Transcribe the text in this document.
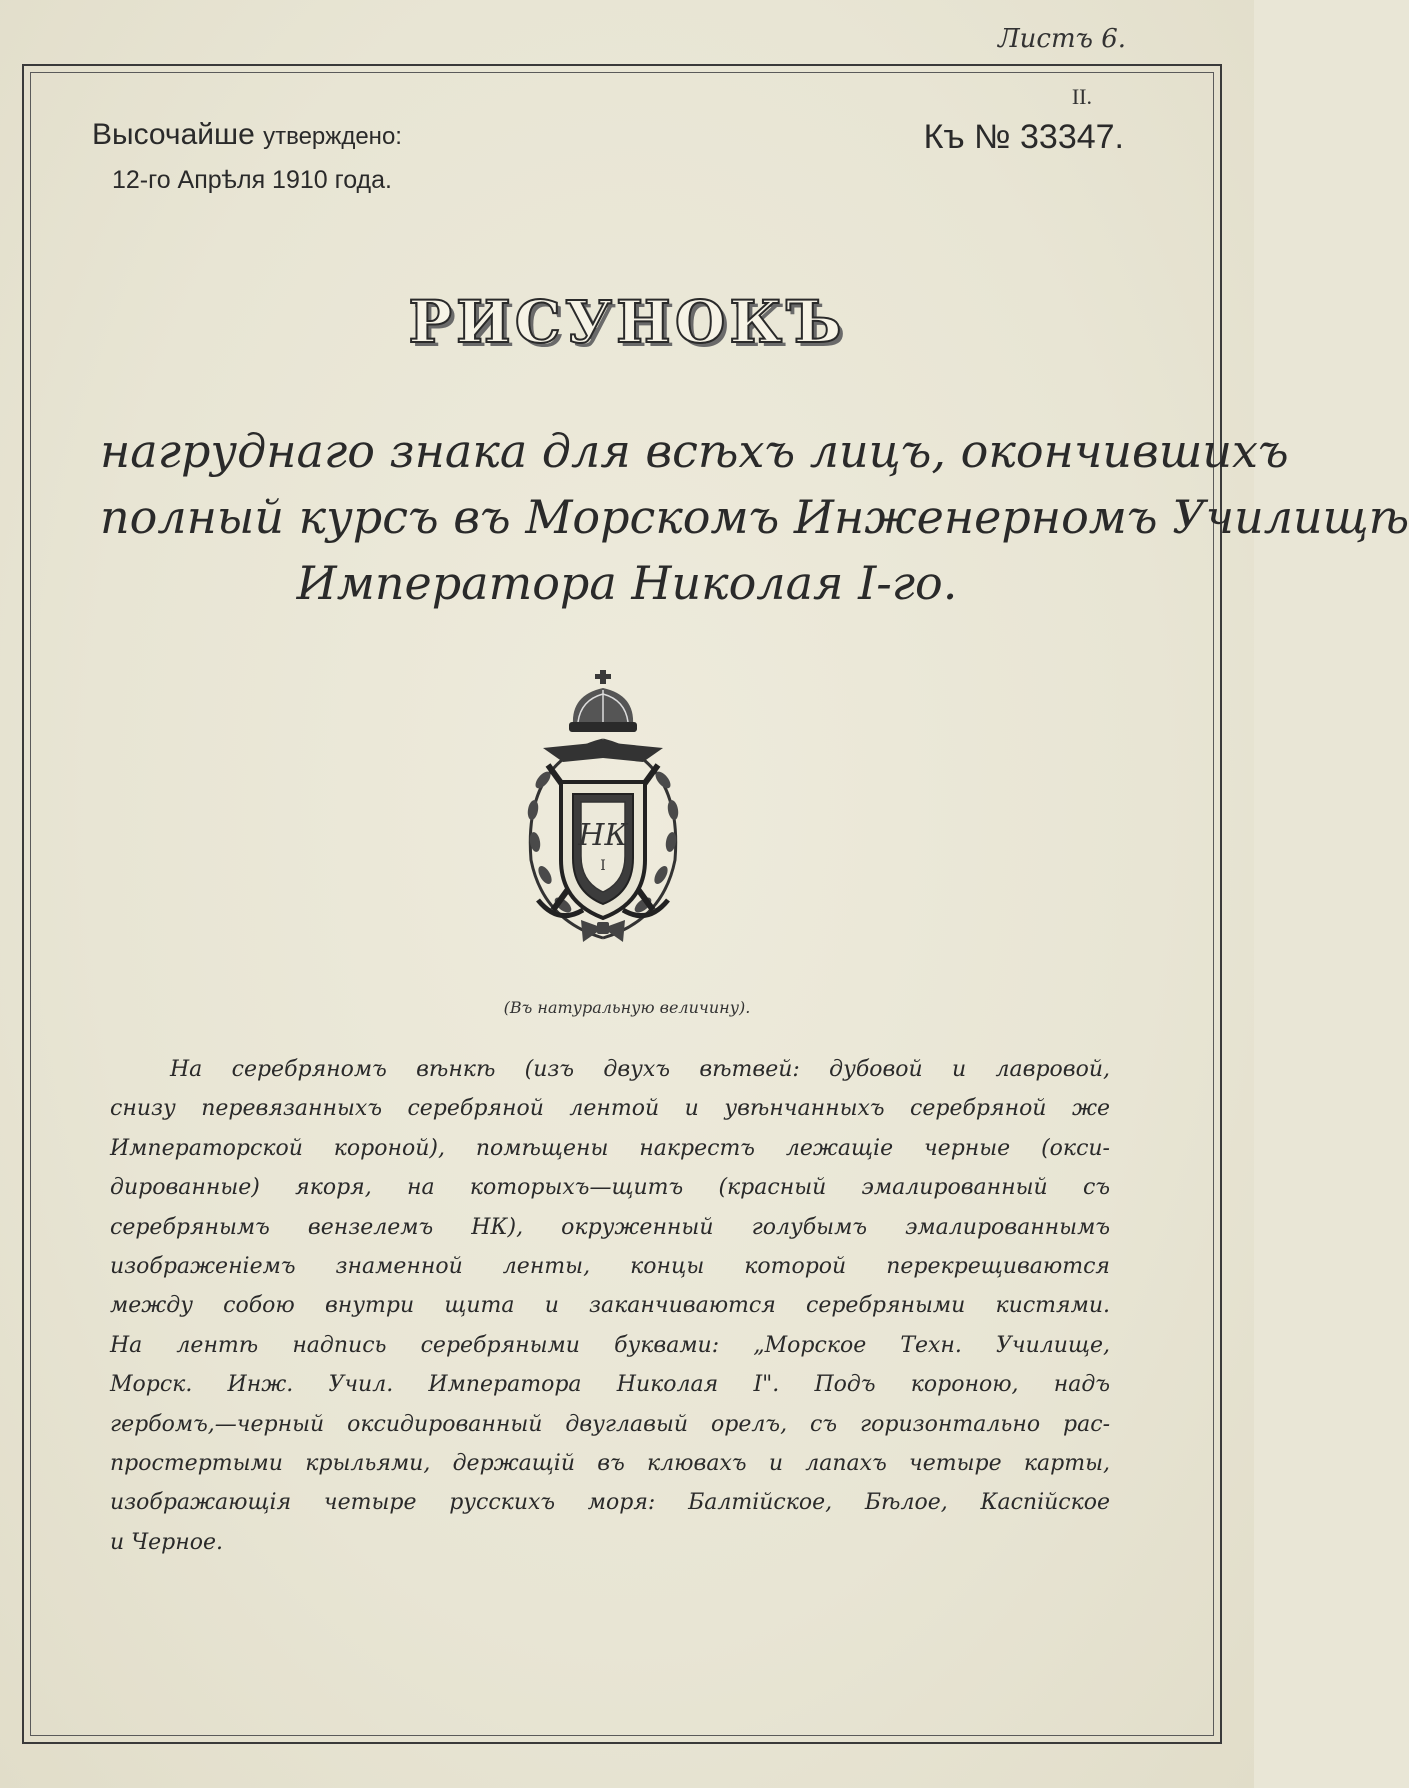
Листъ 6.
II.
Высочайше утверждено:
12-го Апрѣля 1910 года.
Къ № 33347.
РИСУНОКЪ
нагруднаго знака для всѣхъ лицъ, окончившихъ
полный курсъ въ Морскомъ Инженерномъ Училищѣ
Императора Николая I-го.
НК
I
(Въ натуральную величину).
На серебряномъ вѣнкѣ (изъ двухъ вѣтвей: дубовой и лавровой,
снизу перевязанныхъ серебряной лентой и увѣнчанныхъ серебряной же
Императорской короной), помѣщены накрестъ лежащіе черные (окси-
дированные) якоря, на которыхъ—щитъ (красный эмалированный съ
серебрянымъ вензелемъ НК), окруженный голубымъ эмалированнымъ
изображеніемъ знаменной ленты, концы которой перекрещиваются
между собою внутри щита и заканчиваются серебряными кистями.
На лентѣ надпись серебряными буквами: „Морское Техн. Училище,
Морск. Инж. Учил. Императора Николая I". Подъ короною, надъ
гербомъ,—черный оксидированный двуглавый орелъ, съ горизонтально рас-
простертыми крыльями, держащій въ клювахъ и лапахъ четыре карты,
изображающія четыре русскихъ моря: Балтійское, Бѣлое, Каспійское
и Черное.
